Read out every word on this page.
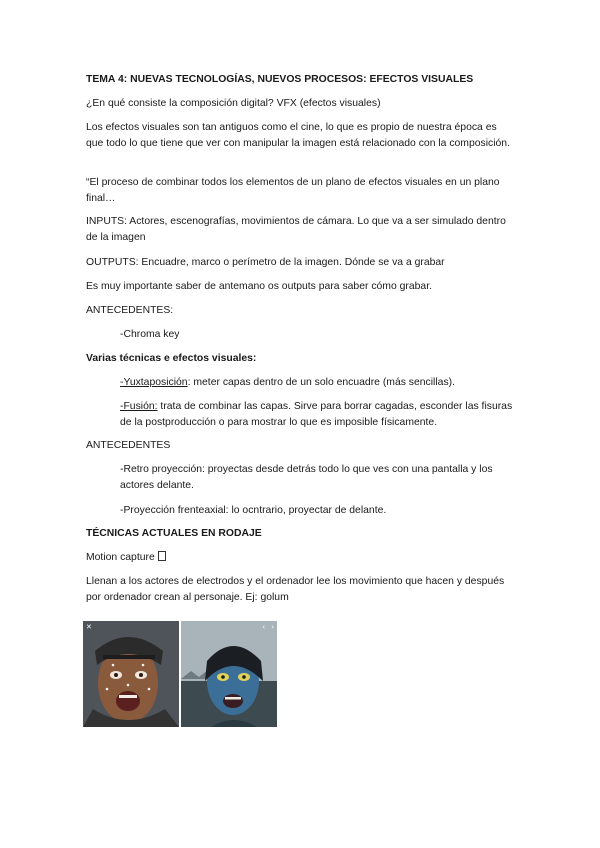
TEMA 4: NUEVAS TECNOLOGÍAS, NUEVOS PROCESOS: EFECTOS VISUALES

¿En qué consiste la composición digital? VFX (efectos visuales)

Los efectos visuales son tan antiguos como el cine, lo que es propio de nuestra época es que todo lo que tiene que ver con manipular la imagen está relacionado con la composición.

“El proceso de combinar todos los elementos de un plano de efectos visuales en un plano final…

INPUTS: Actores, escenografías, movimientos de cámara. Lo que va a ser simulado dentro de la imagen

OUTPUTS: Encuadre, marco o perímetro de la imagen. Dónde se va a grabar

Es muy importante saber de antemano os outputs para saber cómo grabar.

ANTECEDENTES:

-Chroma key

Varias técnicas e efectos visuales:

-Yuxtaposición: meter capas dentro de un solo encuadre (más sencillas).

-Fusión: trata de combinar las capas. Sirve para borrar cagadas, esconder las fisuras de la postproducción o para mostrar lo que es imposible físicamente.

ANTECEDENTES

-Retro proyección: proyectas desde detrás todo lo que ves con una pantalla y los actores delante.

-Proyección frenteaxial: lo ocntrario, proyectar de delante.

TÉCNICAS ACTUALES EN RODAJE

Motion capture

Llenan a los actores de electrodos y el ordenador lee los movimiento que hacen y después por ordenador crean al personaje. Ej: golum

✕	‹ ›
